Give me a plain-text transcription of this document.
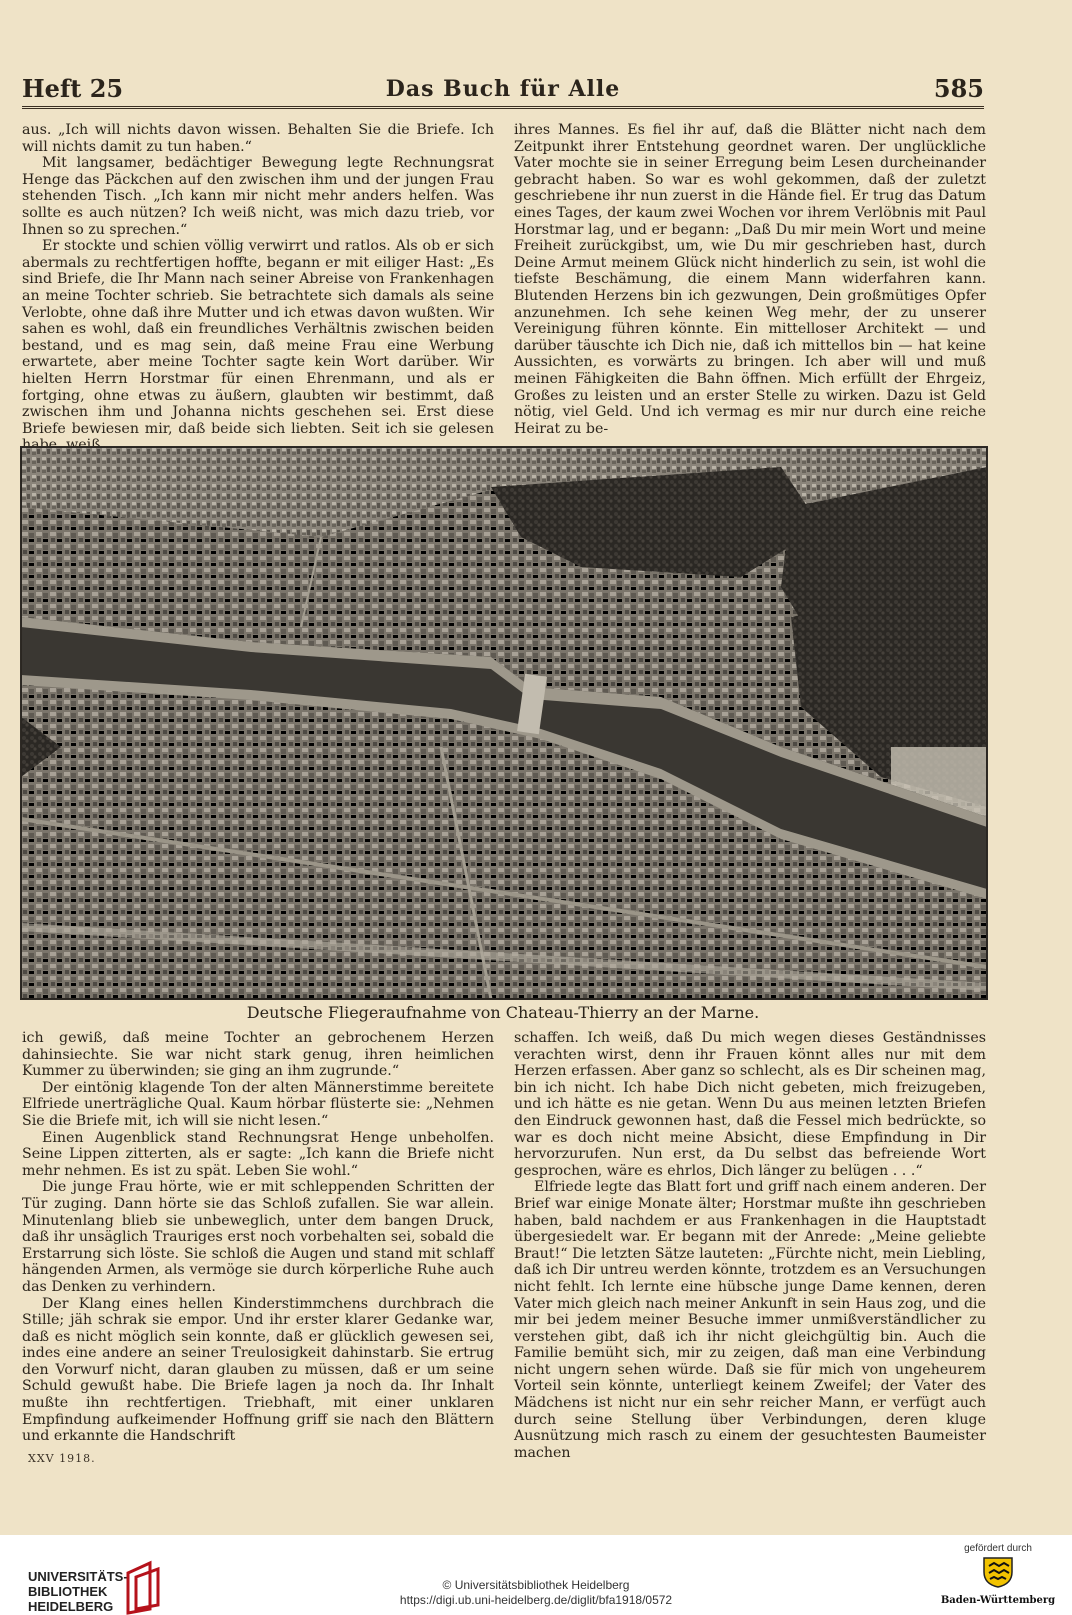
Heft 25	Das Buch für Alle	585

aus. „Ich will nichts davon wissen. Behalten Sie die Briefe. Ich will nichts damit zu tun haben.“

Mit langsamer, bedächtiger Bewegung legte Rechnungsrat Henge das Päckchen auf den zwischen ihm und der jungen Frau stehenden Tisch. „Ich kann mir nicht mehr anders helfen. Was sollte es auch nützen? Ich weiß nicht, was mich dazu trieb, vor Ihnen so zu sprechen.“

Er stockte und schien völlig verwirrt und ratlos. Als ob er sich abermals zu rechtfertigen hoffte, begann er mit eiliger Hast: „Es sind Briefe, die Ihr Mann nach seiner Abreise von Frankenhagen an meine Tochter schrieb. Sie betrachtete sich damals als seine Verlobte, ohne daß ihre Mutter und ich etwas davon wußten. Wir sahen es wohl, daß ein freundliches Verhältnis zwischen beiden bestand, und es mag sein, daß meine Frau eine Werbung erwartete, aber meine Tochter sagte kein Wort darüber. Wir hielten Herrn Horstmar für einen Ehrenmann, und als er fortging, ohne etwas zu äußern, glaubten wir bestimmt, daß zwischen ihm und Johanna nichts geschehen sei. Erst diese Briefe bewiesen mir, daß beide sich liebten. Seit ich sie gelesen

ihres Mannes. Es fiel ihr auf, daß die Blätter nicht nach dem Zeitpunkt ihrer Entstehung geordnet waren. Der unglückliche Vater mochte sie in seiner Erregung beim Lesen durcheinander gebracht haben. So war es wohl gekommen, daß der zuletzt geschriebene ihr nun zuerst in die Hände fiel. Er trug das Datum eines Tages, der kaum zwei Wochen vor ihrem Verlöbnis mit Paul Horstmar lag, und er begann: „Daß Du mir mein Wort und meine Freiheit zurückgibst, um, wie Du mir geschrieben hast, durch Deine Armut meinem Glück nicht hinderlich zu sein, ist wohl die tiefste Beschämung, die einem Mann widerfahren kann. Blutenden Herzens bin ich gezwungen, Dein großmütiges Opfer anzunehmen. Ich sehe keinen Weg mehr, der zu unserer Vereinigung führen könnte. Ein mittelloser Architekt — und darüber täuschte ich Dich nie, daß ich mittellos bin — hat keine Aussichten, es vorwärts zu bringen. Ich aber will und muß meinen Fähigkeiten die Bahn öffnen. Mich erfüllt der Ehrgeiz, Großes zu leisten und an erster Stelle zu wirken. Dazu ist Geld nötig, viel Geld. Und ich vermag es mir nur durch eine reiche Heirat zu be-

Deutsche Fliegeraufnahme von Chateau-Thierry an der Marne.

ich gewiß, daß meine Tochter an gebrochenem Herzen dahinsiechte. Sie war nicht stark genug, ihren heimlichen Kummer zu überwinden; sie ging an ihm zugrunde.“

Der eintönig klagende Ton der alten Männerstimme bereitete Elfriede unerträgliche Qual. Kaum hörbar flüsterte sie: „Nehmen Sie die Briefe mit, ich will sie nicht lesen.“

Einen Augenblick stand Rechnungsrat Henge unbeholfen. Seine Lippen zitterten, als er sagte: „Ich kann die Briefe nicht mehr nehmen. Es ist zu spät. Leben Sie wohl.“

Die junge Frau hörte, wie er mit schleppenden Schritten der Tür zuging. Dann hörte sie das Schloß zufallen. Sie war allein. Minutenlang blieb sie unbeweglich, unter dem bangen Druck, daß ihr unsäglich Trauriges erst noch vorbehalten sei, sobald die Erstarrung sich löste. Sie schloß die Augen und stand mit schlaff hängenden Armen, als vermöge sie durch körperliche Ruhe auch das Denken zu verhindern.

Der Klang eines hellen Kinderstimmchens durchbrach die Stille; jäh schrak sie empor. Und ihr erster klarer Gedanke war, daß es nicht möglich sein konnte, daß er glücklich gewesen sei, indes eine andere an seiner Treulosigkeit dahinstarb. Sie ertrug den Vorwurf nicht, daran glauben zu müssen, daß er um seine Schuld gewußt habe. Die Briefe lagen ja noch da. Ihr Inhalt mußte ihn rechtfertigen. Triebhaft, mit einer unklaren Empfindung aufkeimender Hoffnung griff sie nach den Blättern und erkannte die Handschrift

schaffen. Ich weiß, daß Du mich wegen dieses Geständnisses verachten wirst, denn ihr Frauen könnt alles nur mit dem Herzen erfassen. Aber ganz so schlecht, als es Dir scheinen mag, bin ich nicht. Ich habe Dich nicht gebeten, mich freizugeben, und ich hätte es nie getan. Wenn Du aus meinen letzten Briefen den Eindruck gewonnen hast, daß die Fessel mich bedrückte, so war es doch nicht meine Absicht, diese Empfindung in Dir hervorzurufen. Nun erst, da Du selbst das befreiende Wort gesprochen, wäre es ehrlos, Dich länger zu belügen . . .“

Elfriede legte das Blatt fort und griff nach einem anderen. Der Brief war einige Monate älter; Horstmar mußte ihn geschrieben haben, bald nachdem er aus Frankenhagen in die Hauptstadt übergesiedelt war. Er begann mit der Anrede: „Meine geliebte Braut!“ Die letzten Sätze lauteten: „Fürchte nicht, mein Liebling, daß ich Dir untreu werden könnte, trotzdem es an Versuchungen nicht fehlt. Ich lernte eine hübsche junge Dame kennen, deren Vater mich gleich nach meiner Ankunft in sein Haus zog, und die mir bei jedem meiner Besuche immer unmißverständlicher zu verstehen gibt, daß ich ihr nicht gleichgültig bin. Auch die Familie bemüht sich, mir zu zeigen, daß man eine Verbindung nicht ungern sehen würde. Daß sie für mich von ungeheurem Vorteil sein könnte, unterliegt keinem Zweifel; der Vater des Mädchens ist nicht nur ein sehr reicher Mann, er verfügt auch durch seine Stellung über Verbindungen, deren kluge Ausnützung mich rasch zu einem der gesuchtesten Baumeister machen

XXV 1918.
UNIVERSITÄTS-
BIBLIOTHEK
HEIDELBERG
© Universitätsbibliothek Heidelberg
https://digi.ub.uni-heidelberg.de/diglit/bfa1918/0572
gefördert durch
Baden-Württemberg
